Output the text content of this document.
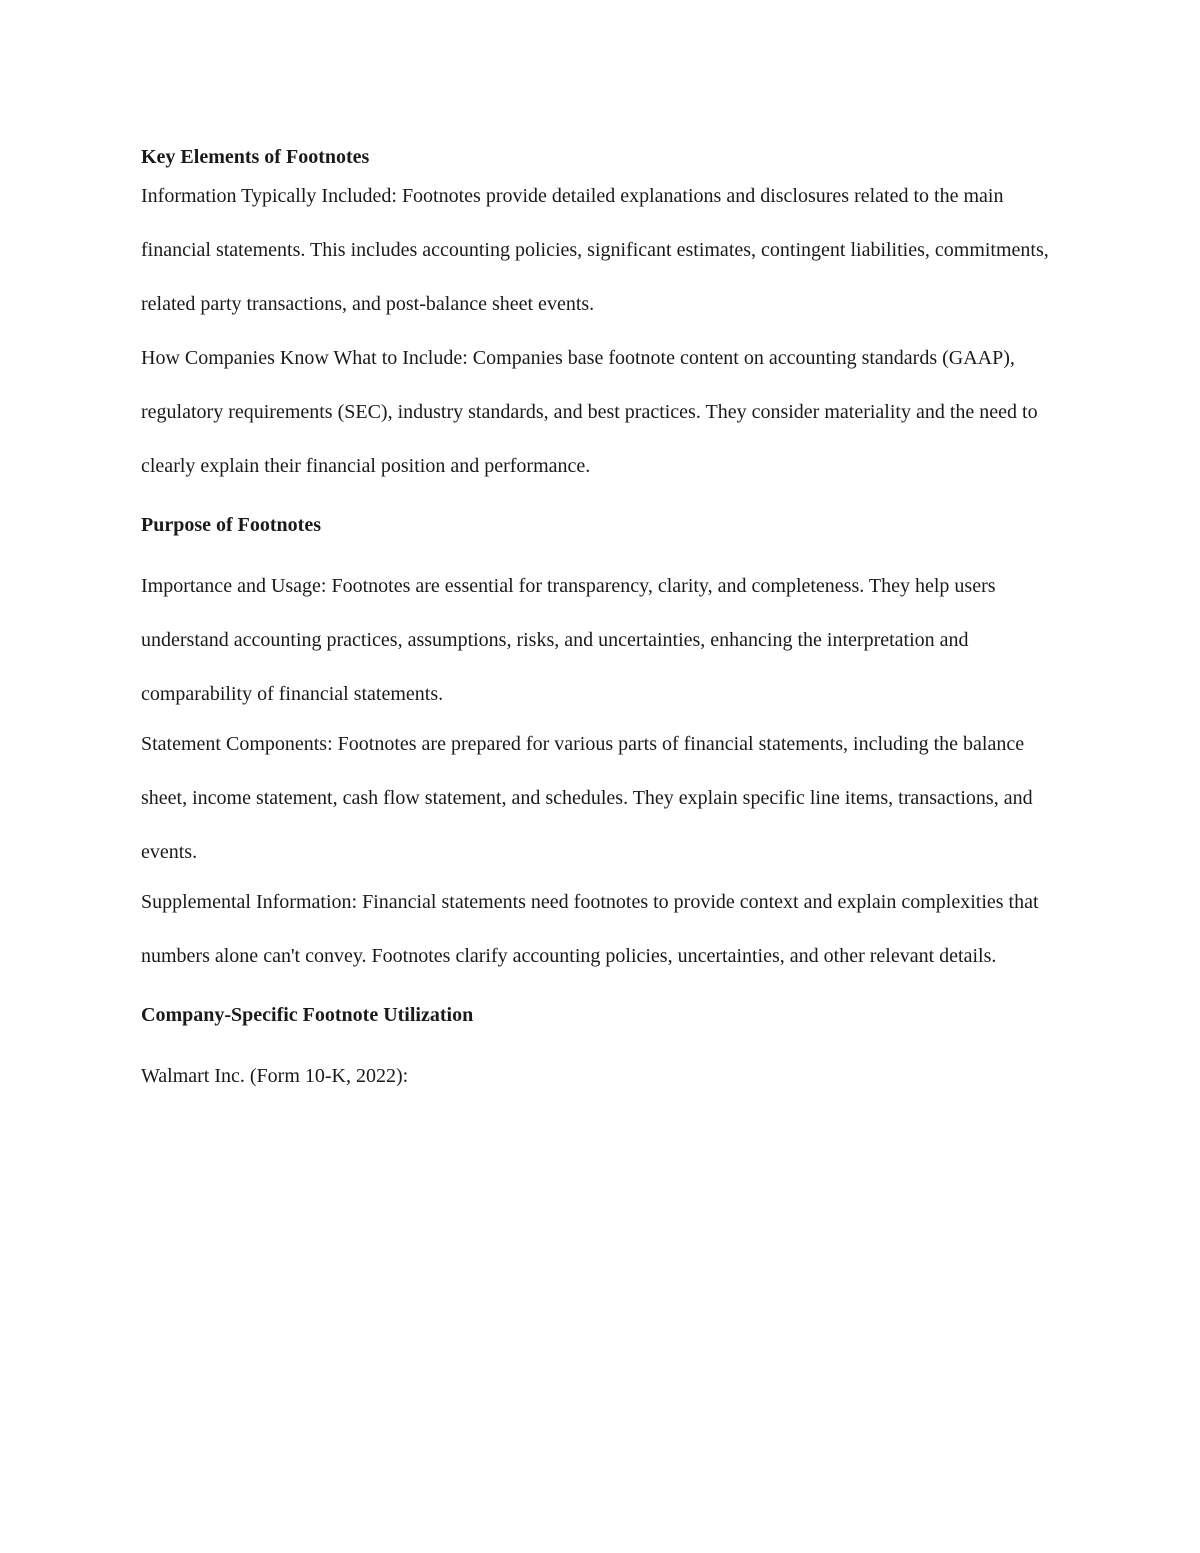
Key Elements of Footnotes

Information Typically Included: Footnotes provide detailed explanations and disclosures related to the main financial statements. This includes accounting policies, significant estimates, contingent liabilities, commitments, related party transactions, and post-balance sheet events.

How Companies Know What to Include: Companies base footnote content on accounting standards (GAAP), regulatory requirements (SEC), industry standards, and best practices. They consider materiality and the need to clearly explain their financial position and performance.

Purpose of Footnotes

Importance and Usage: Footnotes are essential for transparency, clarity, and completeness. They help users understand accounting practices, assumptions, risks, and uncertainties, enhancing the interpretation and comparability of financial statements.

Statement Components: Footnotes are prepared for various parts of financial statements, including the balance sheet, income statement, cash flow statement, and schedules. They explain specific line items, transactions, and events.

Supplemental Information: Financial statements need footnotes to provide context and explain complexities that numbers alone can't convey. Footnotes clarify accounting policies, uncertainties, and other relevant details.

Company-Specific Footnote Utilization

Walmart Inc. (Form 10-K, 2022):
